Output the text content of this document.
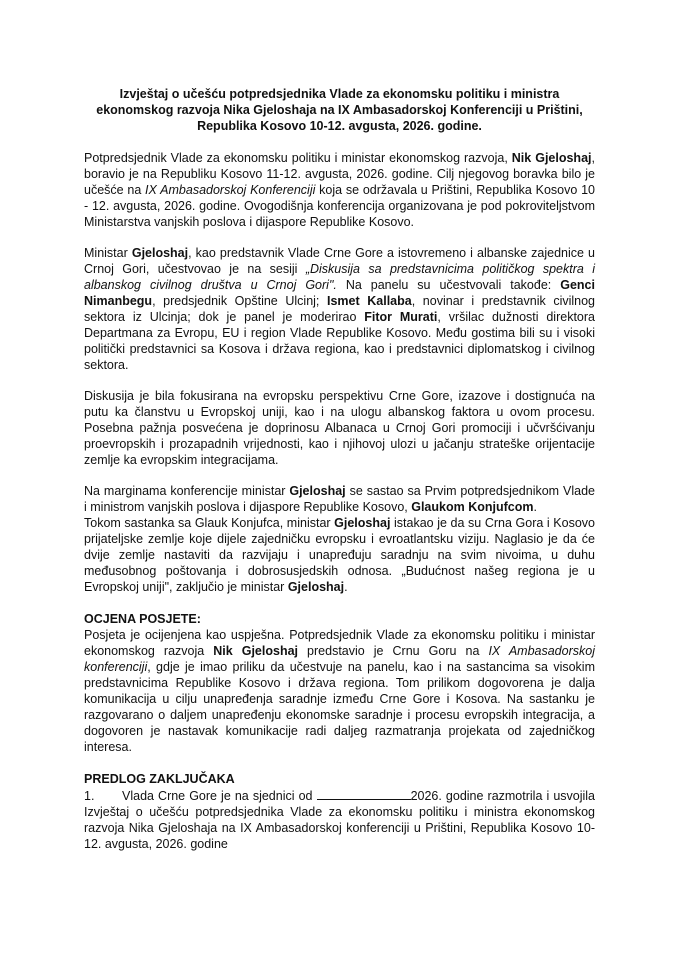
Izvještaj o učešću potpredsjednika Vlade za ekonomsku politiku i ministra
ekonomskog razvoja Nika Gjeloshaja na IX Ambasadorskoj Konferenciji u Prištini,
Republika Kosovo 10-12. avgusta, 2026. godine.

Potpredsjednik Vlade za ekonomsku politiku i ministar ekonomskog razvoja, Nik Gjeloshaj, boravio je na Republiku Kosovo 11-12. avgusta, 2026. godine. Cilj njegovog boravka bilo je učešće na IX Ambasadorskoj Konferenciji koja se održavala u Prištini, Republika Kosovo 10 - 12. avgusta, 2026. godine. Ovogodišnja konferencija organizovana je pod pokroviteljstvom Ministarstva vanjskih poslova i dijaspore Republike Kosovo.

Ministar Gjeloshaj, kao predstavnik Vlade Crne Gore a istovremeno i albanske zajednice u Crnoj Gori, učestvovao je na sesiji „Diskusija sa predstavnicima političkog spektra i albanskog civilnog društva u Crnoj Gori". Na panelu su učestvovali takođe: Genci Nimanbegu, predsjednik Opštine Ulcinj; Ismet Kallaba, novinar i predstavnik civilnog sektora iz Ulcinja; dok je panel je moderirao Fitor Murati, vršilac dužnosti direktora Departmana za Evropu, EU i region Vlade Republike Kosovo. Među gostima bili su i visoki politički predstavnici sa Kosova i država regiona, kao i predstavnici diplomatskog i civilnog sektora.

Diskusija je bila fokusirana na evropsku perspektivu Crne Gore, izazove i dostignuća na putu ka članstvu u Evropskoj uniji, kao i na ulogu albanskog faktora u ovom procesu. Posebna pažnja posvećena je doprinosu Albanaca u Crnoj Gori promociji i učvršćivanju proevropskih i prozapadnih vrijednosti, kao i njihovoj ulozi u jačanju strateške orijentacije zemlje ka evropskim integracijama.

Na marginama konferencije ministar Gjeloshaj se sastao sa Prvim potpredsjednikom Vlade i ministrom vanjskih poslova i dijaspore Republike Kosovo, Glaukom Konjufcom.

Tokom sastanka sa Glauk Konjufca, ministar Gjeloshaj istakao je da su Crna Gora i Kosovo prijateljske zemlje koje dijele zajedničku evropsku i evroatlantsku viziju. Naglasio je da će dvije zemlje nastaviti da razvijaju i unapređuju saradnju na svim nivoima, u duhu međusobnog poštovanja i dobrosusjedskih odnosa. „Budućnost našeg regiona je u Evropskoj uniji", zaključio je ministar Gjeloshaj.

OCJENA POSJETE:

Posjeta je ocijenjena kao uspješna. Potpredsjednik Vlade za ekonomsku politiku i ministar ekonomskog razvoja Nik Gjeloshaj predstavio je Crnu Goru na IX Ambasadorskoj konferenciji, gdje je imao priliku da učestvuje na panelu, kao i na sastancima sa visokim predstavnicima Republike Kosovo i država regiona. Tom prilikom dogovorena je dalja komunikacija u cilju unapređenja saradnje između Crne Gore i Kosova. Na sastanku je razgovarano o daljem unapređenju ekonomske saradnje i procesu evropskih integracija, a dogovoren je nastavak komunikacije radi daljeg razmatranja projekata od zajedničkog interesa.

PREDLOG ZAKLJUČAKA

1. Vlada Crne Gore je na sjednici od	2026. godine razmotrila i usvojila Izvještaj o učešću potpredsjednika Vlade za ekonomsku politiku i ministra ekonomskog razvoja Nika Gjeloshaja na IX Ambasadorskoj konferenciji u Prištini, Republika Kosovo 10-12. avgusta, 2026. godine
